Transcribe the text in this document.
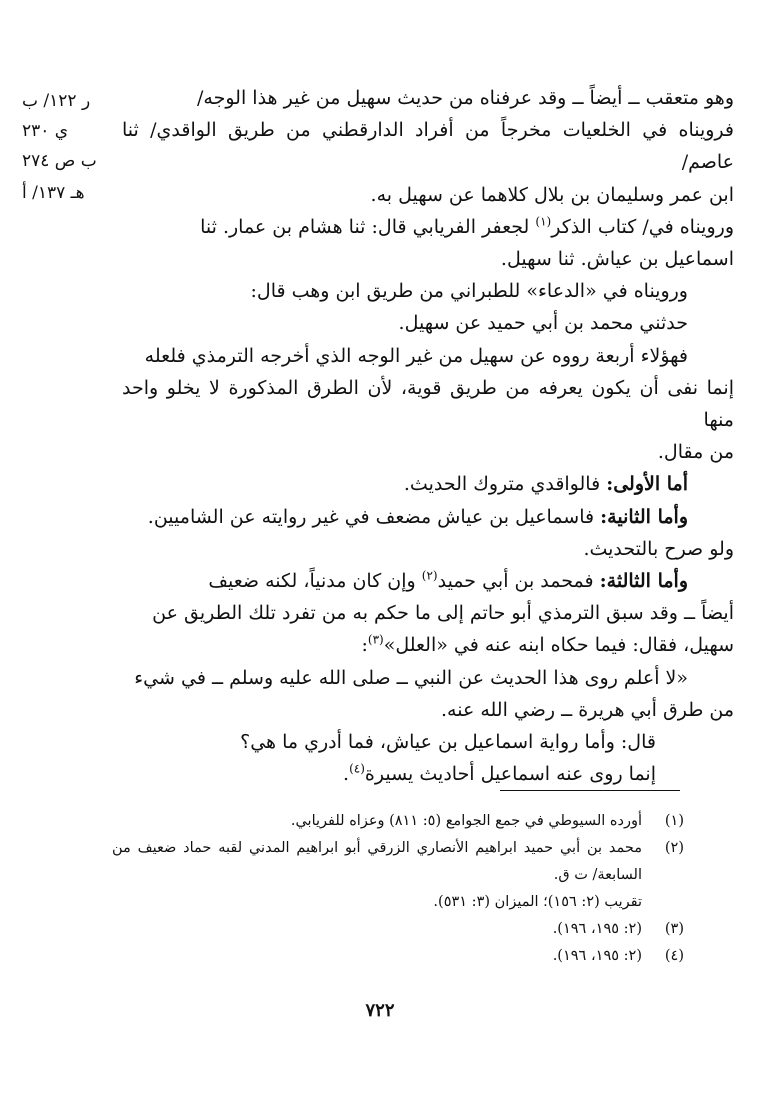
ر ١٢٢/ ب
ي ٢٣٠
ب ص ٢٧٤
هـ ١٣٧/ أ

وهو متعقب ــ أيضاً ــ وقد عرفناه من حديث سهيل من غير هذا الوجه/

فرويناه في الخلعيات مخرجاً من أفراد الدارقطني من طريق الواقدي/ ثنا عاصم/

ابن عمر وسليمان بن بلال كلاهما عن سهيل به.

ورويناه في/ كتاب الذكر$^{(١)}$ لجعفر الفريابي قال: ثنا هشام بن عمار. ثنا

اسماعيل بن عياش. ثنا سهيل.

ورويناه في «الدعاء» للطبراني من طريق ابن وهب قال:

حدثني محمد بن أبي حميد عن سهيل.

فهؤلاء أربعة رووه عن سهيل من غير الوجه الذي أخرجه الترمذي فلعله

إنما نفى أن يكون يعرفه من طريق قوية، لأن الطرق المذكورة لا يخلو واحد منها

من مقال.

أما الأولى: فالواقدي متروك الحديث.

وأما الثانية: فاسماعيل بن عياش مضعف في غير روايته عن الشاميين.

ولو صرح بالتحديث.

وأما الثالثة: فمحمد بن أبي حميد$^{(٢)}$ وإن كان مدنياً، لكنه ضعيف

أيضاً ــ وقد سبق الترمذي أبو حاتم إلى ما حكم به من تفرد تلك الطريق عن

سهيل، فقال: فيما حكاه ابنه عنه في «العلل»$^{(٣)}$:

«لا أعلم روى هذا الحديث عن النبي ــ صلى الله عليه وسلم ــ في شيء

من طرق أبي هريرة ــ رضي الله عنه.

قال: وأما رواية اسماعيل بن عياش، فما أدري ما هي؟

إنما روى عنه اسماعيل أحاديث يسيرة$^{(٤)}$.

(١)
أورده السيوطي في جمع الجوامع (٥: ٨١١) وعزاه للفريابي.
(٢)
محمد بن أبي حميد ابراهيم الأنصاري الزرقي أبو ابراهيم المدني لقبه حماد ضعيف من السابعة/ ت ق.
تقريب (٢: ١٥٦)؛ الميزان (٣: ٥٣١).
(٣)
(٢: ١٩٥، ١٩٦).
(٤)
(٢: ١٩٥، ١٩٦).
٧٢٢
